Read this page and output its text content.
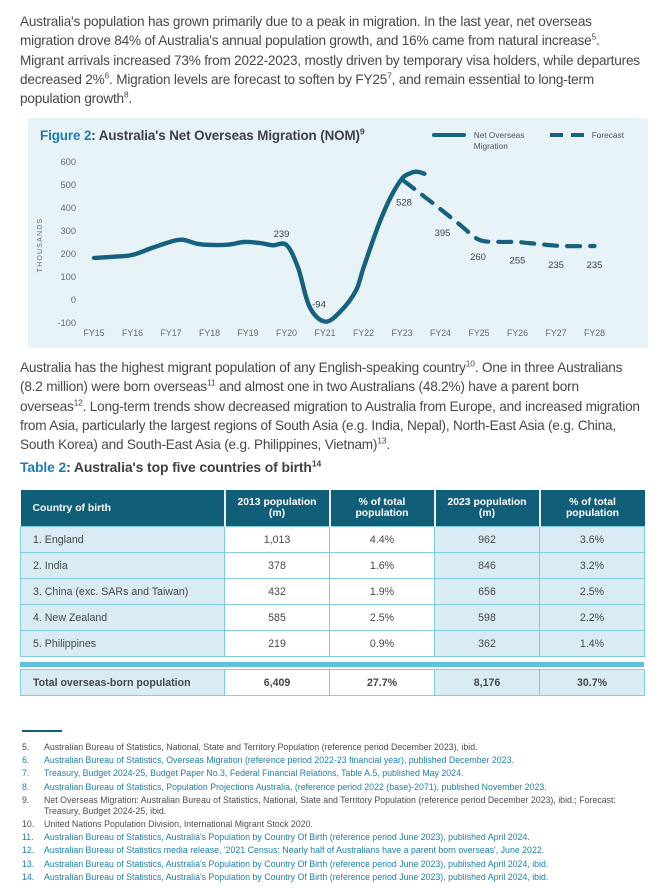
Australia's population has grown primarily due to a peak in migration. In the last year, net overseas migration drove 84% of Australia's annual population growth, and 16% came from natural increase$^5$. Migrant arrivals increased 73% from 2022-2023, mostly driven by temporary visa holders, while departures decreased 2%$^6$. Migration levels are forecast to soften by $FY25^7$, and remain essential to long-term population growth$^8$.

Figure 2: Australia's Net Overseas Migration (NOM)$^9$	Net Overseas Migration
Forecast
600
500
400
300
200
100
0
-100
FY15 FY16 FY17 FY18 FY19 FY20 FY21 FY22 FY23 FY24 FY25 FY26 FY27 FY28
THOUSANDS	239
-94
528
395
260 255 235 235

Australia has the highest migrant population of any English-speaking country$^{10}$. One in three Australians (8.2 million) were born overseas$^{11}$ and almost one in two Australians (48.2%) have a parent born overseas$^{12}$. Long-term trends show decreased migration to Australia from Europe, and increased migration from Asia, particularly the largest regions of South Asia (e.g. India, Nepal), North-East Asia (e.g. China, South Korea) and South-East Asia (e.g. Philippines, Vietnam)$^{13}$.

Table 2: Australia's top five countries of birth$^{14}$
Country of birth	2013 population (m)	% of total population	2023 population (m)	% of total population
1. England	1,013	4.4%	962	3.6%
2. India	378	1.6%	846	3.2%
3. China (exc. SARs and Taiwan)	432	1.9%	656	2.5%
4. New Zealand	585	2.5%	598	2.2%
5. Philippines	219	0.9%	362	1.4%
Total overseas-born population	6,409	27.7%	8,176	30.7%
5.	Australian Bureau of Statistics, National, State and Territory Population (reference period December 2023), ibid.
6.	Australian Bureau of Statistics, Overseas Migration (reference period 2022-23 financial year), published December 2023.
7.	Treasury, Budget 2024-25, Budget Paper No.3, Federal Financial Relations, Table A.5, published May 2024.
8.	Australian Bureau of Statistics, Population Projections Australia, (reference period 2022 (base)-2071), published November 2023.
9.	Net Overseas Migration: Australian Bureau of Statistics, National, State and Territory Population (reference period December 2023), ibid.; Forecast: Treasury, Budget 2024-25, ibid.
10.	United Nations Population Division, International Migrant Stock 2020.
11.	Australian Bureau of Statistics, Australia's Population by Country Of Birth (reference period June 2023), published April 2024.
12.	Australian Bureau of Statistics media release, '2021 Census: Nearly half of Australians have a parent born overseas', June 2022.
13.	Australian Bureau of Statistics, Australia's Population by Country Of Birth (reference period June 2023), published April 2024, ibid.
14.	Australian Bureau of Statistics, Australia's Population by Country Of Birth (reference period June 2023), published April 2024, ibid.
